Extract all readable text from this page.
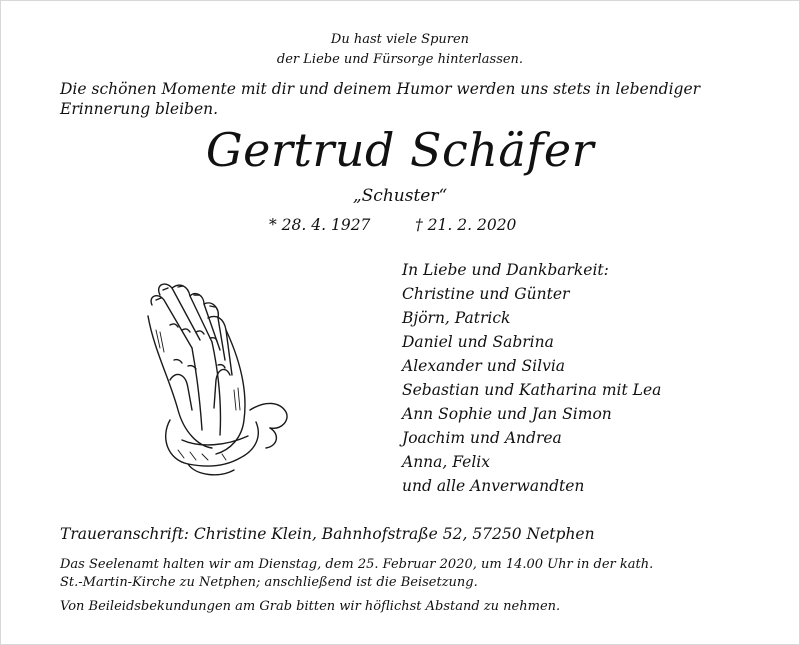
Du hast viele Spuren
der Liebe und Fürsorge hinterlassen.
Die schönen Momente mit dir und deinem Humor werden uns stets in lebendiger
Erinnerung bleiben.
Gertrud Schäfer
„Schuster“
* 28. 4. 1927	† 21. 2. 2020
In Liebe und Dankbarkeit:
Christine und Günter
Björn, Patrick
Daniel und Sabrina
Alexander und Silvia
Sebastian und Katharina mit Lea
Ann Sophie und Jan Simon
Joachim und Andrea
Anna, Felix
und alle Anverwandten
Traueranschrift: Christine Klein, Bahnhofstraße 52, 57250 Netphen
Das Seelenamt halten wir am Dienstag, dem 25. Februar 2020, um 14.00 Uhr in der kath.
St.-Martin-Kirche zu Netphen; anschließend ist die Beisetzung.
Von Beileidsbekundungen am Grab bitten wir höflichst Abstand zu nehmen.
